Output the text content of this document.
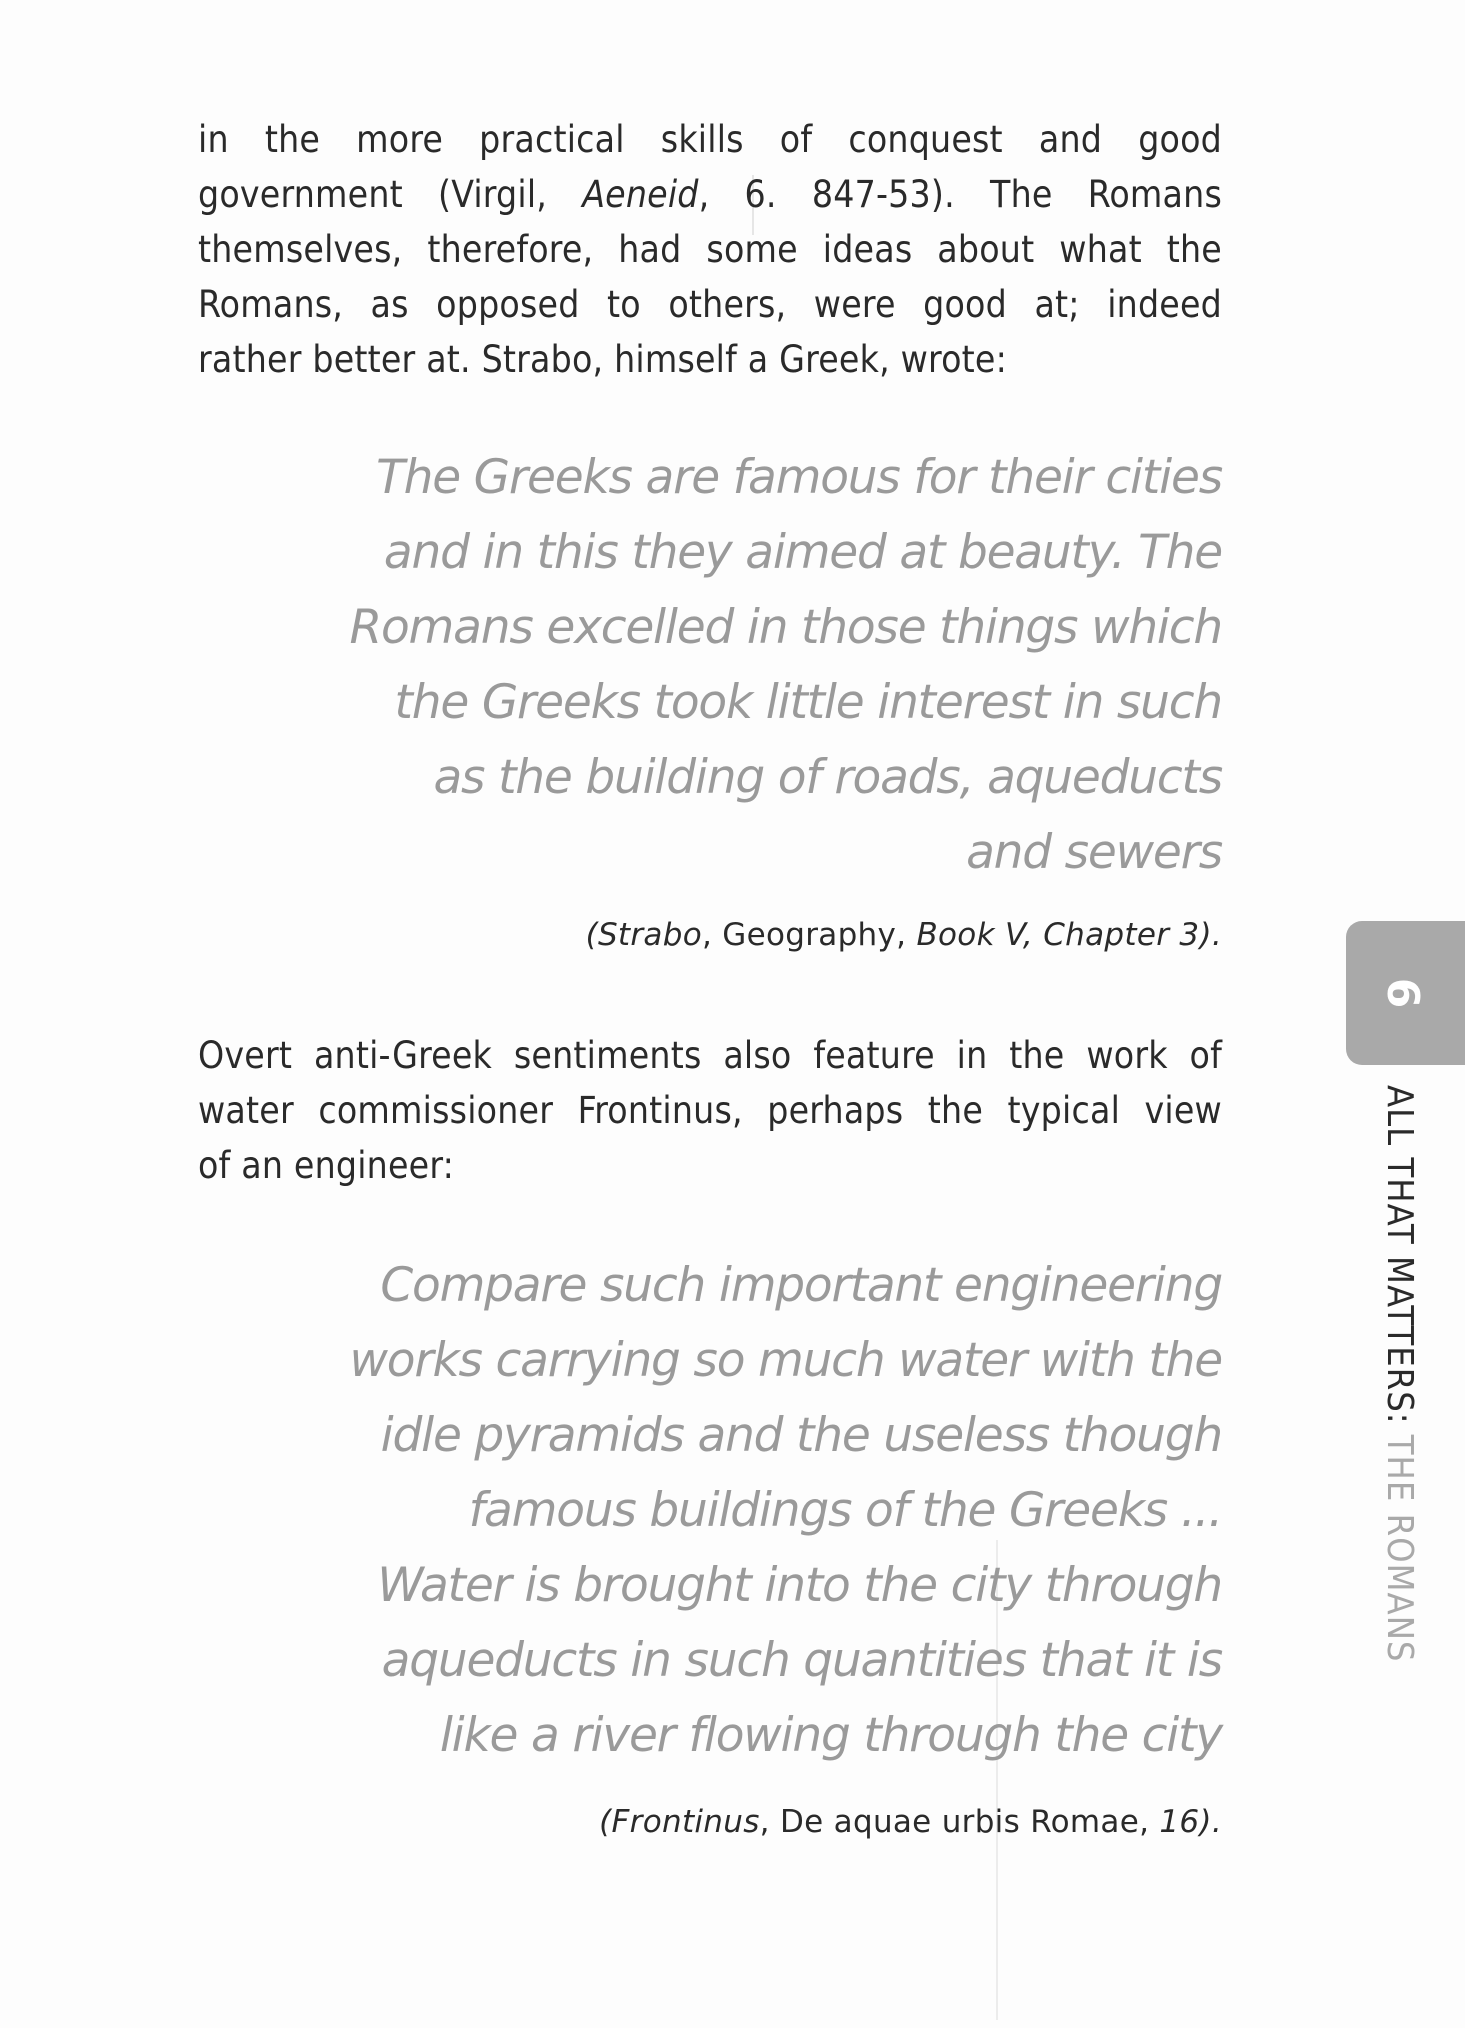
in the more practical skills of conquest and good
government (Virgil, Aeneid, 6. 847-53). The Romans
themselves, therefore, had some ideas about what the
Romans, as opposed to others, were good at; indeed
rather better at. Strabo, himself a Greek, wrote:
The Greeks are famous for their cities
and in this they aimed at beauty. The
Romans excelled in those things which
the Greeks took little interest in such
as the building of roads, aqueducts
and sewers
(Strabo, Geography, Book V, Chapter 3).
Overt anti-Greek sentiments also feature in the work of
water commissioner Frontinus, perhaps the typical view
of an engineer:
Compare such important engineering
works carrying so much water with the
idle pyramids and the useless though
famous buildings of the Greeks ...
Water is brought into the city through
aqueducts in such quantities that it is
like a river flowing through the city
(Frontinus, De aquae urbis Romae, 16).
6
ALL THAT MATTERS:THE ROMANS
